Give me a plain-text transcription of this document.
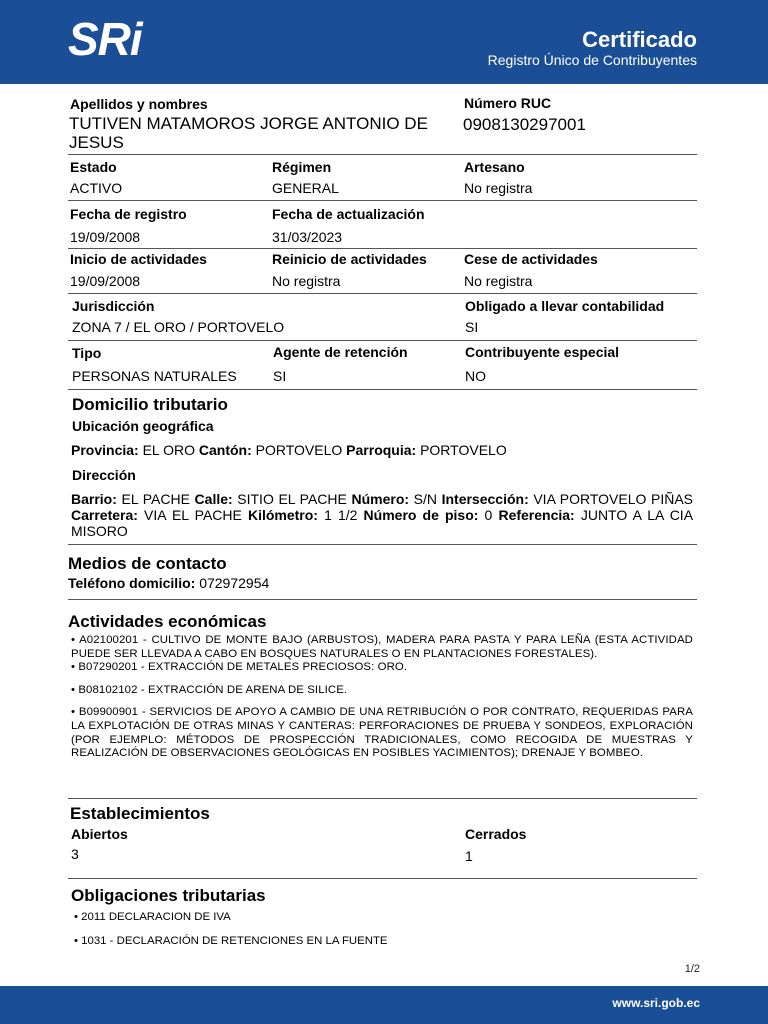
SRi	Certificado
Registro Único de Contribuyentes
Apellidos y nombres
TUTIVEN MATAMOROS JORGE ANTONIO DE
JESUS
Número RUC
0908130297001
Estado
ACTIVO
Régimen
GENERAL
Artesano
No registra
Fecha de registro
19/09/2008
Fecha de actualización
31/03/2023
Inicio de actividades
19/09/2008
Reinicio de actividades
No registra
Cese de actividades
No registra
Jurisdicción
ZONA 7 / EL ORO / PORTOVELO
Obligado a llevar contabilidad
SI
Tipo
PERSONAS NATURALES
Agente de retención
SI
Contribuyente especial
NO
Domicilio tributario
Ubicación geográfica
Provincia: EL ORO Cantón: PORTOVELO Parroquia: PORTOVELO
Dirección
Barrio: EL PACHE Calle: SITIO EL PACHE Número: S/N Intersección: VIA PORTOVELO PIÑAS Carretera: VIA EL PACHE Kilómetro: 1 1/2 Número de piso: 0 Referencia: JUNTO A LA CIA MISORO
Medios de contacto
Teléfono domicilio: 072972954
Actividades económicas
• A02100201 - CULTIVO DE MONTE BAJO (ARBUSTOS), MADERA PARA PASTA Y PARA LEÑA (ESTA ACTIVIDAD PUEDE SER LLEVADA A CABO EN BOSQUES NATURALES O EN PLANTACIONES FORESTALES).
• B07290201 - EXTRACCIÓN DE METALES PRECIOSOS: ORO.
• B08102102 - EXTRACCIÓN DE ARENA DE SILICE.
• B09900901 - SERVICIOS DE APOYO A CAMBIO DE UNA RETRIBUCIÓN O POR CONTRATO, REQUERIDAS PARA LA EXPLOTACIÓN DE OTRAS MINAS Y CANTERAS: PERFORACIONES DE PRUEBA Y SONDEOS, EXPLORACIÓN (POR EJEMPLO: MÉTODOS DE PROSPECCIÓN TRADICIONALES, COMO RECOGIDA DE MUESTRAS Y REALIZACIÓN DE OBSERVACIONES GEOLÓGICAS EN POSIBLES YACIMIENTOS); DRENAJE Y BOMBEO.
Establecimientos
Abiertos
3
Cerrados
1
Obligaciones tributarias
• 2011 DECLARACION DE IVA
• 1031 - DECLARACIÓN DE RETENCIONES EN LA FUENTE
1/2
www.sri.gob.ec
